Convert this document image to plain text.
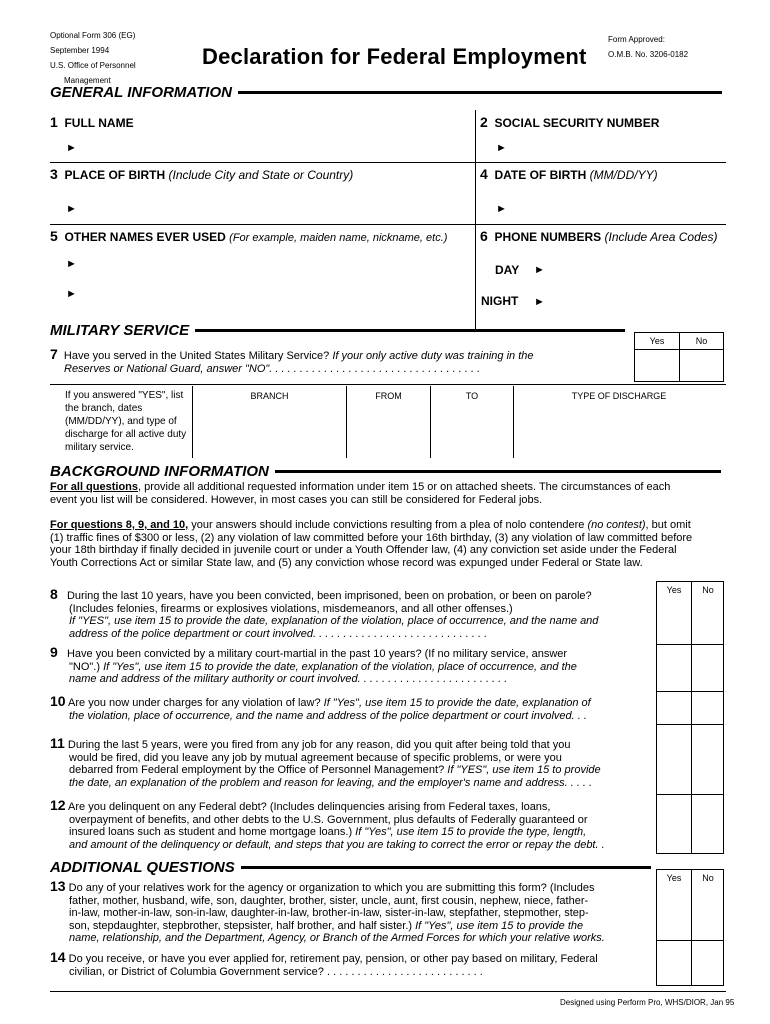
Optional Form 306 (EG)
September 1994
U.S. Office of Personnel
Management
Declaration for Federal Employment
Form Approved:
O.M.B. No. 3206-0182
GENERAL INFORMATION
1 FULL NAME
►
2 SOCIAL SECURITY NUMBER
►
3 PLACE OF BIRTH (Include City and State or Country)
►
4 DATE OF BIRTH (MM/DD/YY)
►
5 OTHER NAMES EVER USED (For example, maiden name, nickname, etc.)
►
►
6 PHONE NUMBERS (Include Area Codes)
DAY ►
NIGHT ►
MILITARY SERVICE
Yes	No
7 Have you served in the United States Military Service? If your only active duty was training in the
Reserves or National Guard, answer "NO". . . . . . . . . . . . . . . . . . . . . . . . . . . . . . . . . . .
If you answered "YES", list
the branch, dates
(MM/DD/YY), and type of
discharge for all active duty
military service.
BRANCH	FROM	TO	TYPE OF DISCHARGE
BACKGROUND INFORMATION
For all questions, provide all additional requested information under item 15 or on attached sheets. The circumstances of each
event you list will be considered. However, in most cases you can still be considered for Federal jobs.
For questions 8, 9, and 10, your answers should include convictions resulting from a plea of nolo contendere (no contest), but omit
(1) traffic fines of $300 or less, (2) any violation of law committed before your 16th birthday, (3) any violation of law committed before
your 18th birthday if finally decided in juvenile court or under a Youth Offender law, (4) any conviction set aside under the Federal
Youth Corrections Act or similar State law, and (5) any conviction whose record was expunged under Federal or State law.
Yes	No
8 During the last 10 years, have you been convicted, been imprisoned, been on probation, or been on parole?
(Includes felonies, firearms or explosives violations, misdemeanors, and all other offenses.)
If "YES", use item 15 to provide the date, explanation of the violation, place of occurrence, and the name and
address of the police department or court involved. . . . . . . . . . . . . . . . . . . . . . . . . . . . .
9 Have you been convicted by a military court-martial in the past 10 years? (If no military service, answer
"NO".) If "Yes", use item 15 to provide the date, explanation of the violation, place of occurrence, and the
name and address of the military authority or court involved. . . . . . . . . . . . . . . . . . . . . . . . .
10 Are you now under charges for any violation of law? If "Yes", use item 15 to provide the date, explanation of
the violation, place of occurrence, and the name and address of the police department or court involved. . .
11 During the last 5 years, were you fired from any job for any reason, did you quit after being told that you
would be fired, did you leave any job by mutual agreement because of specific problems, or were you
debarred from Federal employment by the Office of Personnel Management? If "YES", use item 15 to provide
the date, an explanation of the problem and reason for leaving, and the employer's name and address. . . . .
12 Are you delinquent on any Federal debt? (Includes delinquencies arising from Federal taxes, loans,
overpayment of benefits, and other debts to the U.S. Government, plus defaults of Federally guaranteed or
insured loans such as student and home mortgage loans.) If "Yes", use item 15 to provide the type, length,
and amount of the delinquency or default, and steps that you are taking to correct the error or repay the debt. .
ADDITIONAL QUESTIONS
Yes	No
13 Do any of your relatives work for the agency or organization to which you are submitting this form? (Includes
father, mother, husband, wife, son, daughter, brother, sister, uncle, aunt, first cousin, nephew, niece, father-
in-law, mother-in-law, son-in-law, daughter-in-law, brother-in-law, sister-in-law, stepfather, stepmother, step-
son, stepdaughter, stepbrother, stepsister, half brother, and half sister.) If "Yes", use item 15 to provide the
name, relationship, and the Department, Agency, or Branch of the Armed Forces for which your relative works.
14 Do you receive, or have you ever applied for, retirement pay, pension, or other pay based on military, Federal
civilian, or District of Columbia Government service? . . . . . . . . . . . . . . . . . . . . . . . . . .
Designed using Perform Pro, WHS/DIOR, Jan 95
